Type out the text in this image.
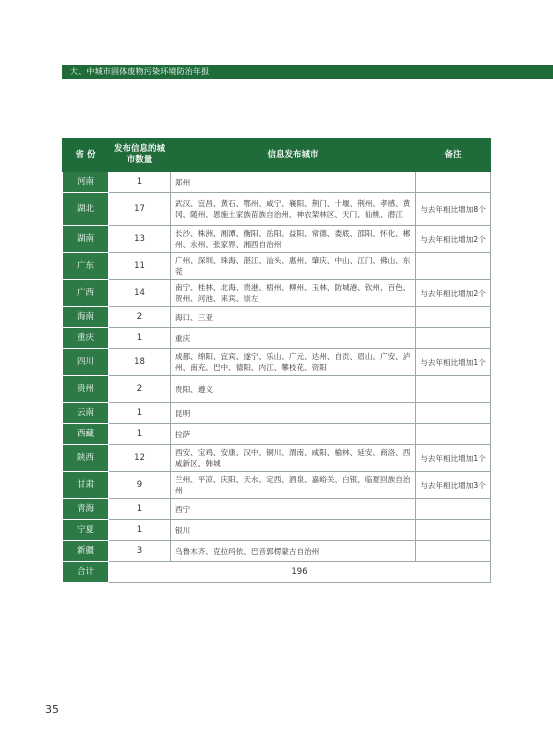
大、中城市固体废物污染环境防治年报
省 份	发布信息的城市数量	信息发布城市	备注
河南	1	郑州	
湖北	17	武汉、宜昌、黄石、鄂州、咸宁、襄阳、荆门、十堰、荆州、孝感、黄冈、随州、恩施土家族苗族自治州、神农架林区、天门、仙桃、潜江	与去年相比增加8个
湖南	13	长沙、株洲、湘潭、衡阳、岳阳、益阳、常德、娄底、邵阳、怀化、郴州、永州、张家界、湘西自治州	与去年相比增加2个
广东	11	广州、深圳、珠海、湛江、汕头、惠州、肇庆、中山、江门、佛山、东莞	
广西	14	南宁、桂林、北海、贵港、梧州、柳州、玉林、防城港、钦州、百色、贺州、河池、来宾、崇左	与去年相比增加2个
海南	2	海口、三亚	
重庆	1	重庆	
四川	18	成都、绵阳、宜宾、遂宁、乐山、广元、达州、自贡、眉山、广安、泸州、南充、巴中、德阳、内江、攀枝花、资阳	与去年相比增加1个
贵州	2	贵阳、遵义	
云南	1	昆明	
西藏	1	拉萨	
陕西	12	西安、宝鸡、安康、汉中、铜川、渭南、咸阳、榆林、延安、商洛、西咸新区、韩城	与去年相比增加1个
甘肃	9	兰州、平凉、庆阳、天水、定西、酒泉、嘉峪关、白银、临夏回族自治州	与去年相比增加3个
青海	1	西宁	
宁夏	1	银川	
新疆	3	乌鲁木齐、克拉玛依、巴音郭楞蒙古自治州	
合计	196		
35
